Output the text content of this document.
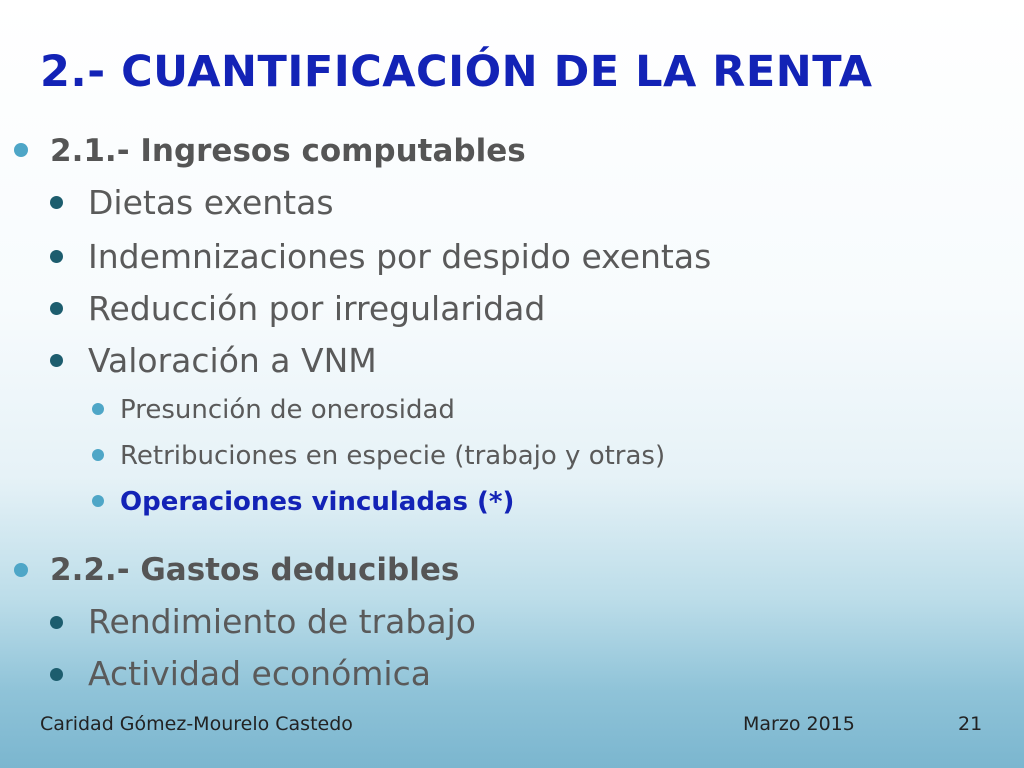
2.- CUANTIFICACIÓN DE LA RENTA
2.1.- Ingresos computables
Dietas exentas
Indemnizaciones por despido exentas
Reducción por irregularidad
Valoración a VNM
Presunción de onerosidad
Retribuciones en especie (trabajo y otras)
Operaciones vinculadas (*)
2.2.- Gastos deducibles
Rendimiento de trabajo
Actividad económica
Caridad Gómez-Mourelo Castedo	Marzo 2015	21
